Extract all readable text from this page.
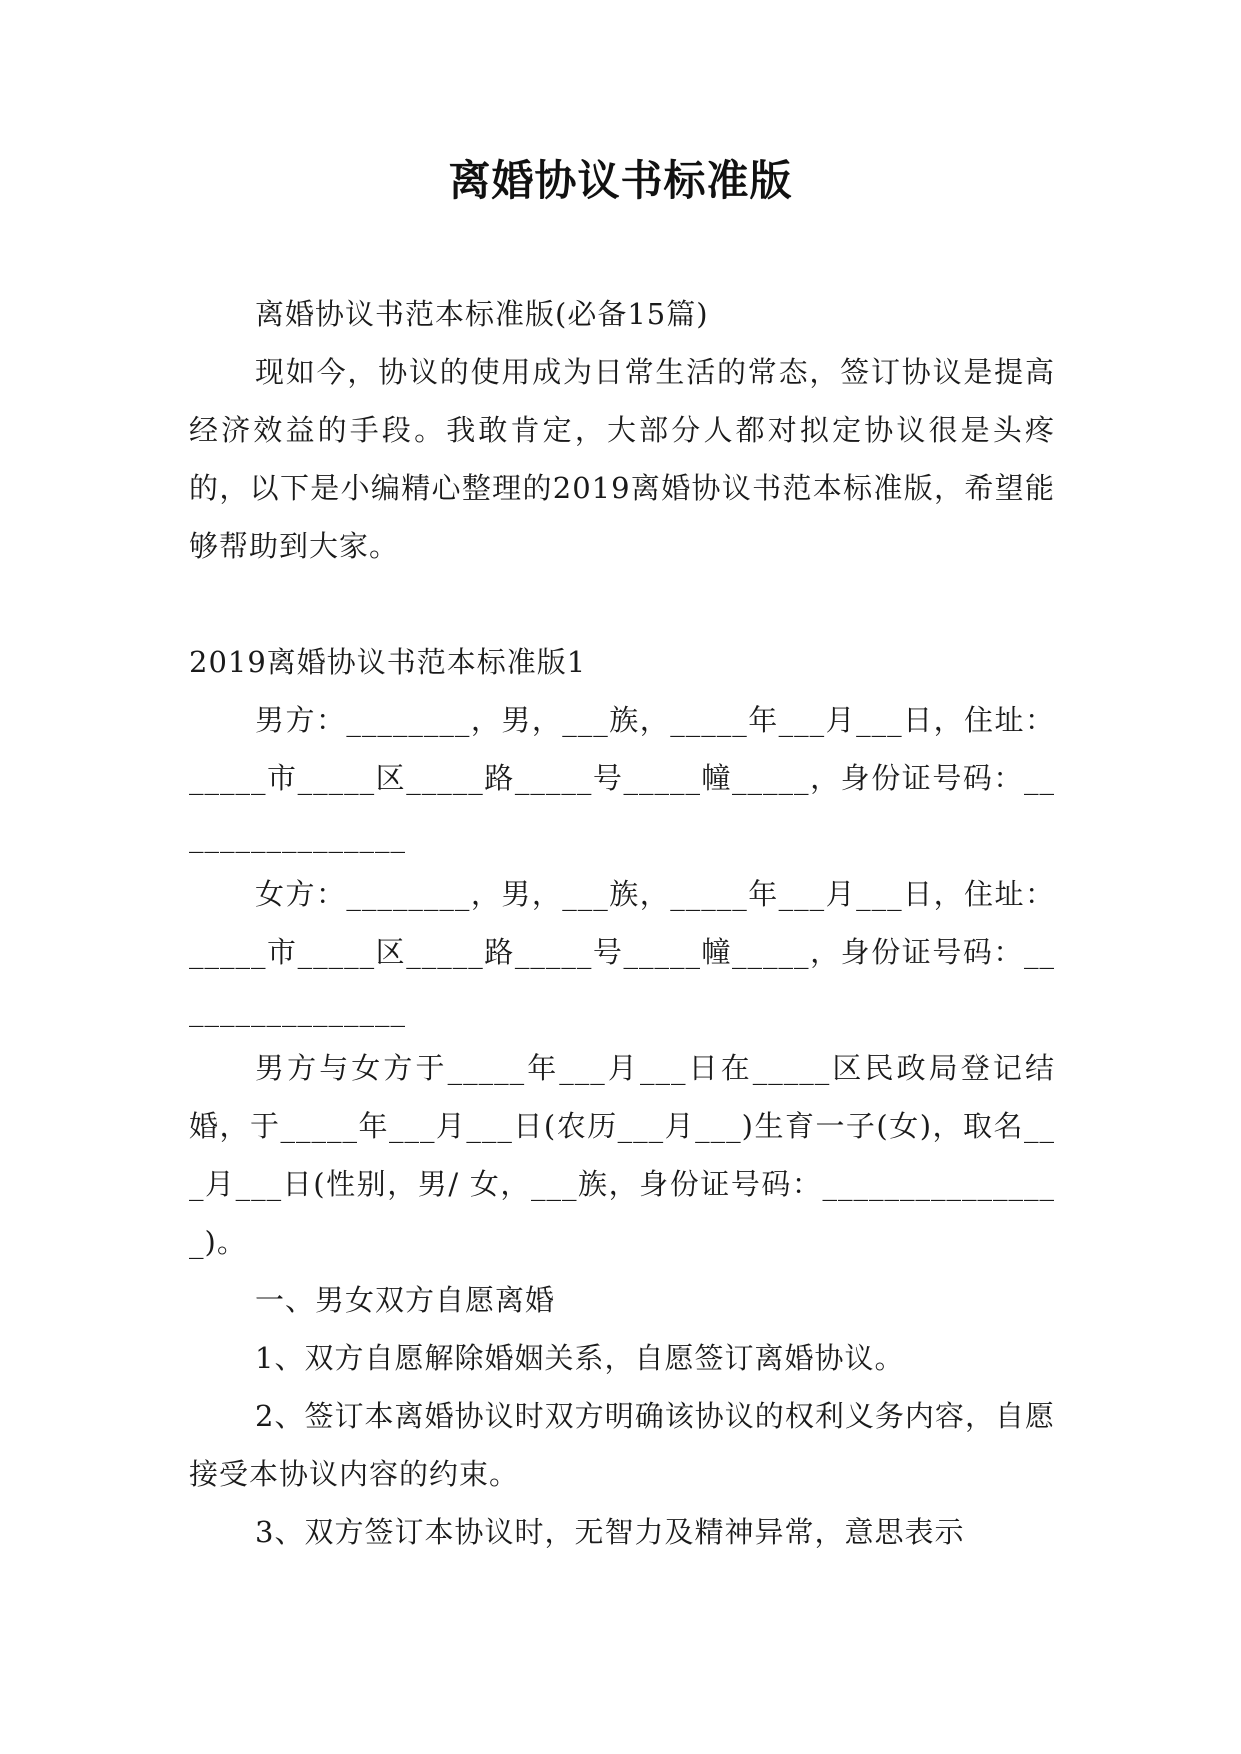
离婚协议书标准版

离婚协议书范本标准版(必备15篇)

现如今，协议的使用成为日常生活的常态，签订协议是提高经济效益的手段。我敢肯定，大部分人都对拟定协议很是头疼的，以下是小编精心整理的2019离婚协议书范本标准版，希望能够帮助到大家。

2019离婚协议书范本标准版1

男方：________，男，___族，_____年___月___日，住址：_____市_____区_____路_____号_____幢_____，身份证号码：________________

女方：________，男，___族，_____年___月___日，住址：_____市_____区_____路_____号_____幢_____，身份证号码：________________

男方与女方于_____年___月___日在_____区民政局登记结婚，于_____年___月___日(农历___月___)生育一子(女)，取名___月___日(性别，男/ 女，___族，身份证号码：________________)。

一、男女双方自愿离婚

1、双方自愿解除婚姻关系，自愿签订离婚协议。

2、签订本离婚协议时双方明确该协议的权利义务内容，自愿接受本协议内容的约束。

3、双方签订本协议时，无智力及精神异常，意思表示
